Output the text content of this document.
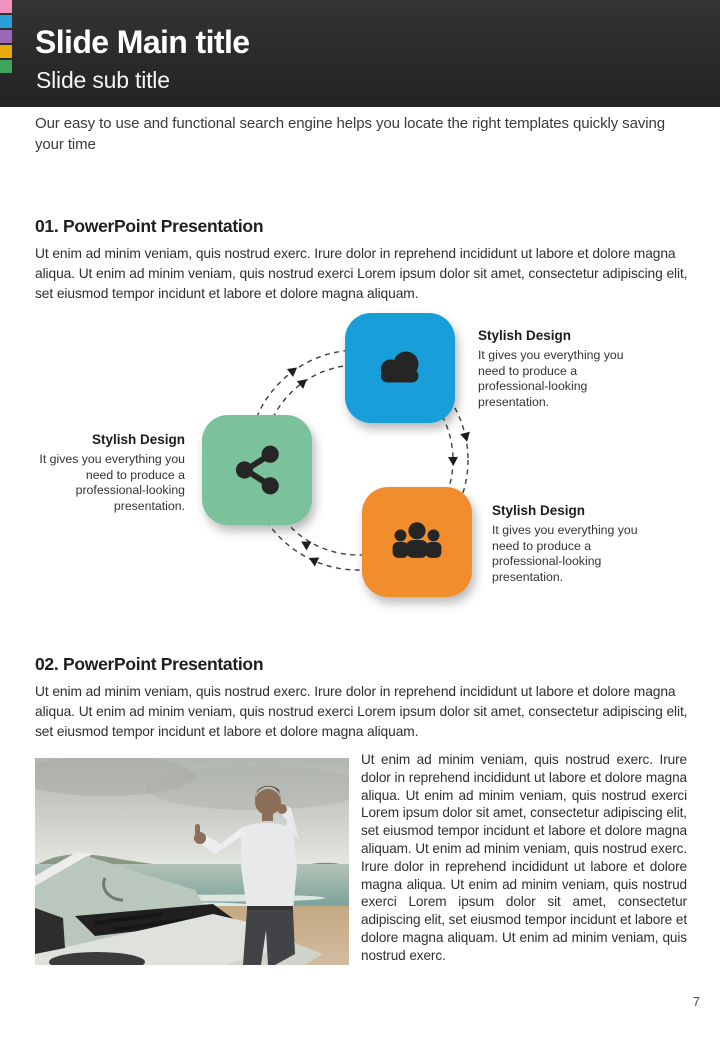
Slide Main title
Slide sub title
Our easy to use and functional search engine helps you locate the right templates quickly saving your time
01. PowerPoint Presentation
Ut enim ad minim veniam, quis nostrud exerc. Irure dolor in reprehend incididunt ut labore et dolore magna aliqua. Ut enim ad minim veniam, quis nostrud exerci Lorem ipsum dolor sit amet, consectetur adipiscing elit, set eiusmod tempor incidunt et labore et dolore magna aliquam.
Stylish Design
It gives you everything you need to produce a professional-looking presentation.
Stylish Design
It gives you everything you need to produce a professional-looking presentation.	Stylish Design
It gives you everything you need to produce a professional-looking presentation.
02. PowerPoint Presentation
Ut enim ad minim veniam, quis nostrud exerc. Irure dolor in reprehend incididunt ut labore et dolore magna aliqua. Ut enim ad minim veniam, quis nostrud exerci Lorem ipsum dolor sit amet, consectetur adipiscing elit, set eiusmod tempor incidunt et labore et dolore magna aliquam.
Ut enim ad minim veniam, quis nostrud exerc. Irure dolor in reprehend incididunt ut labore et dolore magna aliqua. Ut enim ad minim veniam, quis nostrud exerci Lorem ipsum dolor sit amet, consectetur adipiscing elit, set eiusmod tempor incidunt et labore et dolore magna aliquam. Ut enim ad minim veniam, quis nostrud exerc. Irure dolor in reprehend incididunt ut labore et dolore magna aliqua. Ut enim ad minim veniam, quis nostrud exerci Lorem ipsum dolor sit amet, consectetur adipiscing elit, set eiusmod tempor incidunt et labore et dolore magna aliquam. Ut enim ad minim veniam, quis nostrud exerc.
7
